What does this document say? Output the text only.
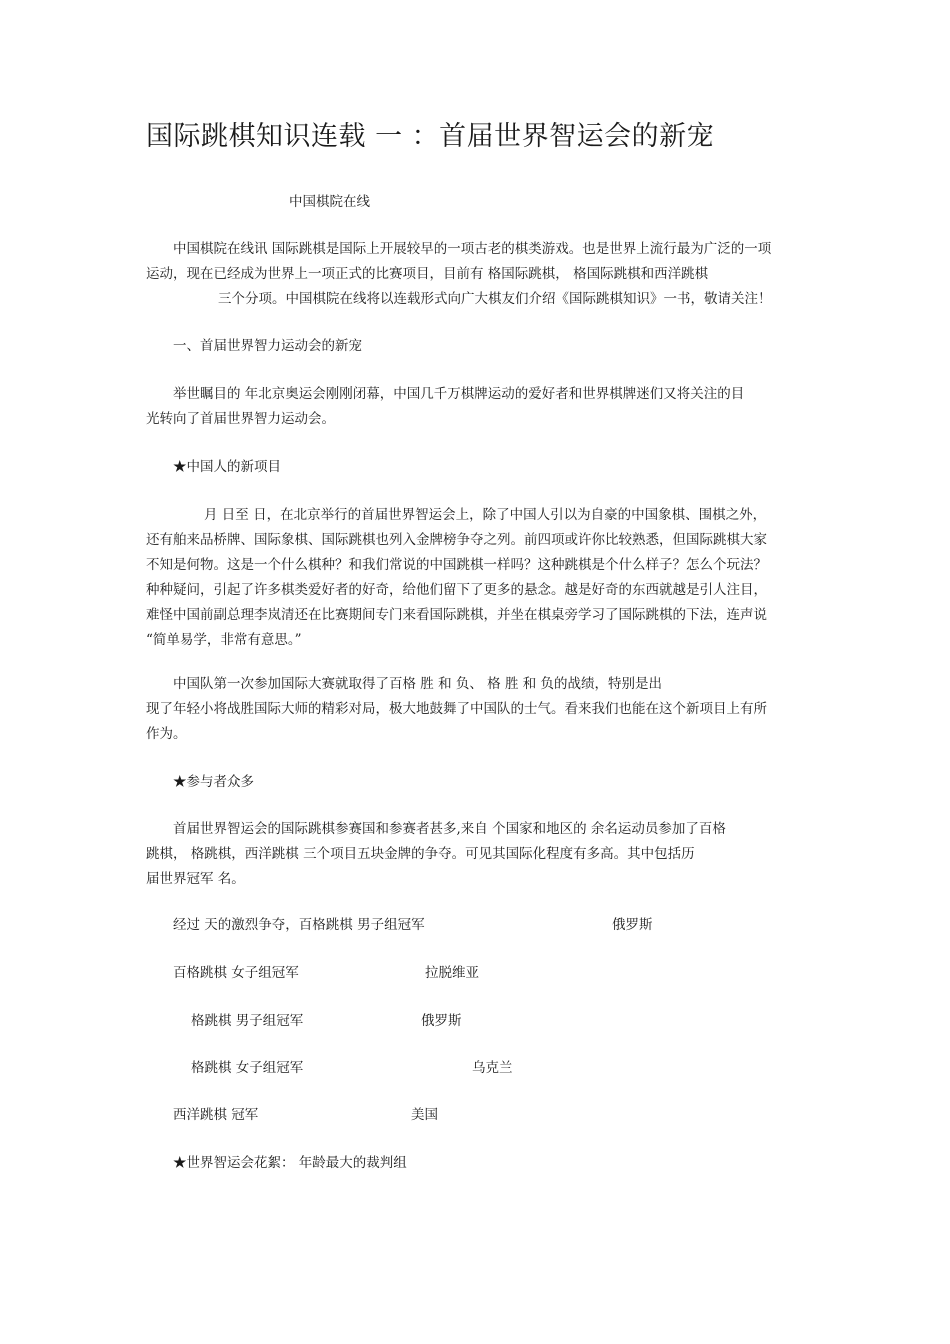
国际跳棋知识连载 一 ：首届世界智运会的新宠
中国棋院在线
中国棋院在线讯 国际跳棋是国际上开展较早的一项古老的棋类游戏。也是世界上流行最为广泛的一项
运动，现在已经成为世界上一项正式的比赛项目，目前有 格国际跳棋， 格国际跳棋和西洋跳棋
三个分项。中国棋院在线将以连载形式向广大棋友们介绍《国际跳棋知识》一书，敬请关注！
一、首届世界智力运动会的新宠
举世瞩目的 年北京奥运会刚刚闭幕，中国几千万棋牌运动的爱好者和世界棋牌迷们又将关注的目
光转向了首届世界智力运动会。
★中国人的新项目
月 日至 日，在北京举行的首届世界智运会上，除了中国人引以为自豪的中国象棋、围棋之外，
还有舶来品桥牌、国际象棋、国际跳棋也列入金牌榜争夺之列。前四项或许你比较熟悉，但国际跳棋大家
不知是何物。这是一个什么棋种？和我们常说的中国跳棋一样吗？这种跳棋是个什么样子？怎么个玩法？
种种疑问，引起了许多棋类爱好者的好奇，给他们留下了更多的悬念。越是好奇的东西就越是引人注目，
难怪中国前副总理李岚清还在比赛期间专门来看国际跳棋，并坐在棋桌旁学习了国际跳棋的下法，连声说
“简单易学，非常有意思。”
中国队第一次参加国际大赛就取得了百格 胜 和 负、 格 胜 和 负的战绩，特别是出
现了年轻小将战胜国际大师的精彩对局，极大地鼓舞了中国队的士气。看来我们也能在这个新项目上有所
作为。
★参与者众多
首届世界智运会的国际跳棋参赛国和参赛者甚多,来自 个国家和地区的 余名运动员参加了百格
跳棋， 格跳棋，西洋跳棋 三个项目五块金牌的争夺。可见其国际化程度有多高。其中包括历
届世界冠军 名。
经过 天的激烈争夺，百格跳棋 男子组冠军	俄罗斯
百格跳棋 女子组冠军	拉脱维亚
格跳棋 男子组冠军	俄罗斯
格跳棋 女子组冠军	乌克兰
西洋跳棋 冠军	美国
★世界智运会花絮： 年龄最大的裁判组
